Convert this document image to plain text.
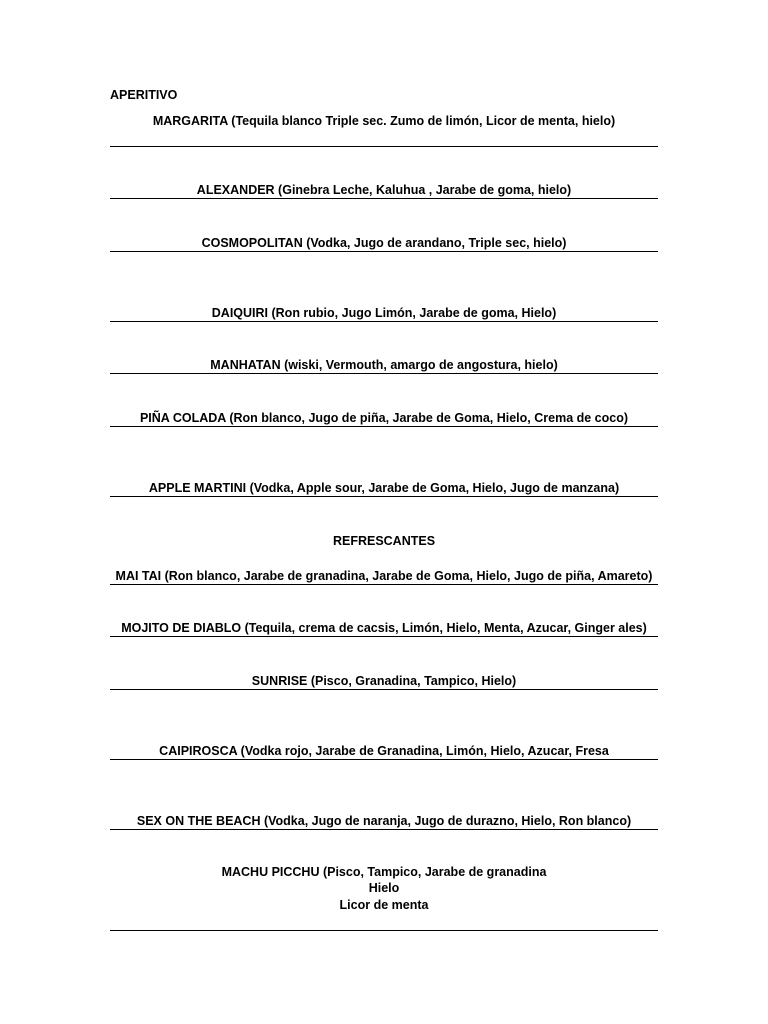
APERITIVO
MARGARITA (Tequila blanco Triple sec. Zumo de limón, Licor de menta, hielo)
ALEXANDER (Ginebra Leche, Kaluhua , Jarabe de goma, hielo)
COSMOPOLITAN (Vodka, Jugo de arandano, Triple sec, hielo)
DAIQUIRI (Ron rubio, Jugo Limón, Jarabe de goma, Hielo)
MANHATAN (wiski, Vermouth, amargo de angostura, hielo)
PIÑA COLADA (Ron blanco, Jugo de piña, Jarabe de Goma, Hielo, Crema de coco)
APPLE MARTINI (Vodka, Apple sour, Jarabe de Goma, Hielo, Jugo de manzana)
REFRESCANTES
MAI TAI (Ron blanco, Jarabe de granadina, Jarabe de Goma, Hielo, Jugo de piña, Amareto)
MOJITO DE DIABLO (Tequila, crema de cacsis, Limón, Hielo, Menta, Azucar, Ginger ales)
SUNRISE (Pisco, Granadina, Tampico, Hielo)
CAIPIROSCA (Vodka rojo, Jarabe de Granadina, Limón, Hielo, Azucar, Fresa
SEX ON THE BEACH (Vodka, Jugo de naranja, Jugo de durazno, Hielo, Ron blanco)
MACHU PICCHU (Pisco, Tampico, Jarabe de granadina
Hielo
Licor de menta
